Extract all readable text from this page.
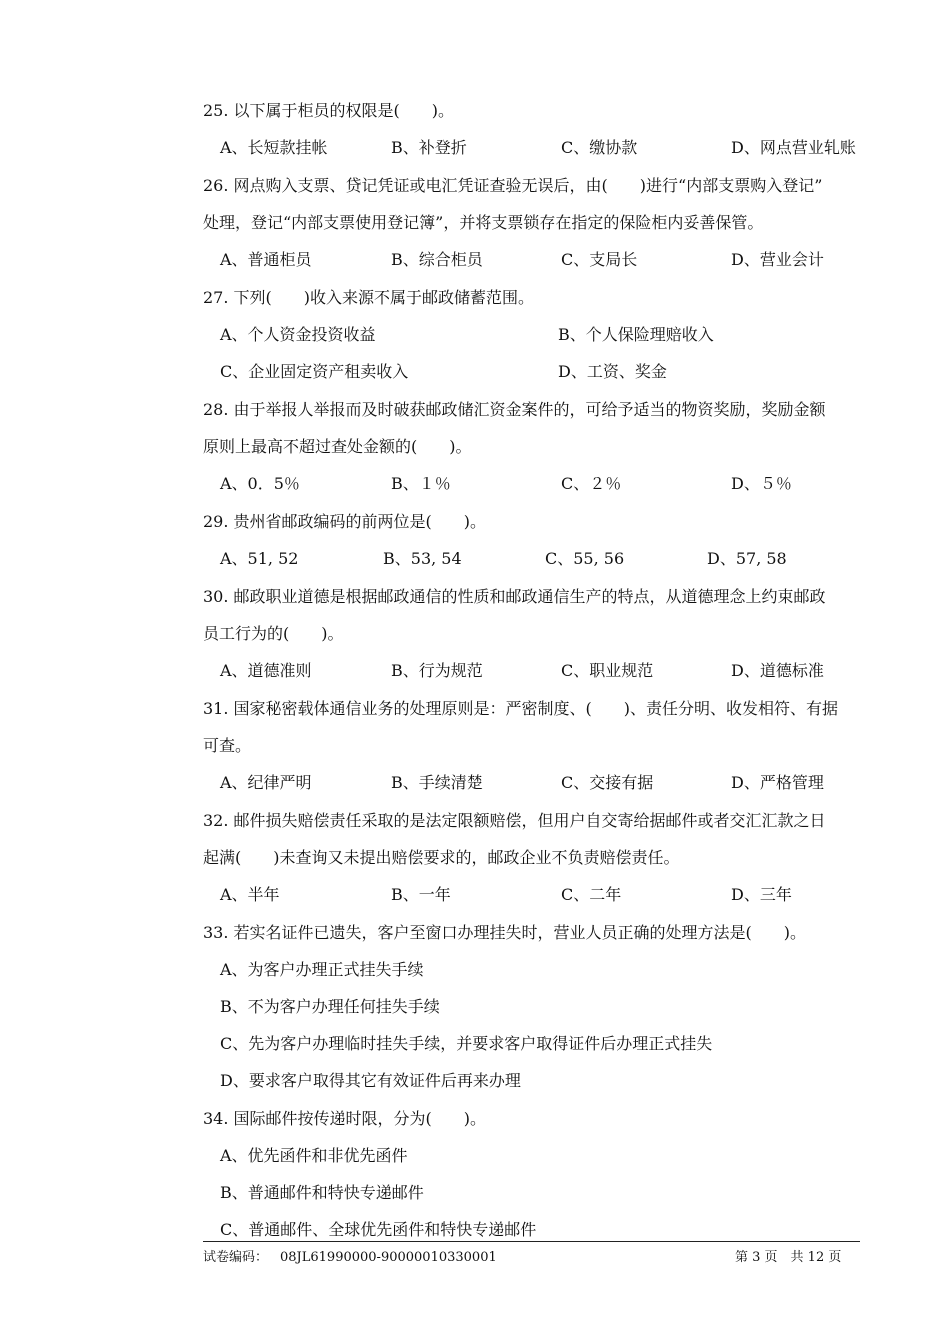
25. 以下属于柜员的权限是(　　)。
A、长短款挂帐	B、补登折	C、缴协款	D、网点营业轧账
26. 网点购入支票、贷记凭证或电汇凭证查验无误后，由(　　)进行“内部支票购入登记”
处理，登记“内部支票使用登记簿”，并将支票锁存在指定的保险柜内妥善保管。
A、普通柜员	B、综合柜员	C、支局长	D、营业会计
27. 下列(　　)收入来源不属于邮政储蓄范围。
A、个人资金投资收益	B、个人保险理赔收入
C、企业固定资产租卖收入	D、工资、奖金
28. 由于举报人举报而及时破获邮政储汇资金案件的，可给予适当的物资奖励，奖励金额
原则上最高不超过查处金额的(　　)。
A、0．5％	B、１％	C、２％	D、５％
29. 贵州省邮政编码的前两位是(　　)。
A、51, 52	B、53, 54	C、55, 56	D、57, 58
30. 邮政职业道德是根据邮政通信的性质和邮政通信生产的特点，从道德理念上约束邮政
员工行为的(　　)。
A、道德准则	B、行为规范	C、职业规范	D、道德标准
31. 国家秘密载体通信业务的处理原则是：严密制度、(　　)、责任分明、收发相符、有据
可查。
A、纪律严明	B、手续清楚	C、交接有据	D、严格管理
32. 邮件损失赔偿责任采取的是法定限额赔偿，但用户自交寄给据邮件或者交汇汇款之日
起满(　　)未查询又未提出赔偿要求的，邮政企业不负责赔偿责任。
A、半年	B、一年	C、二年	D、三年
33. 若实名证件已遗失，客户至窗口办理挂失时，营业人员正确的处理方法是(　　)。
A、为客户办理正式挂失手续
B、不为客户办理任何挂失手续
C、先为客户办理临时挂失手续，并要求客户取得证件后办理正式挂失
D、要求客户取得其它有效证件后再来办理
34. 国际邮件按传递时限，分为(　　)。
A、优先函件和非优先函件
B、普通邮件和特快专递邮件
C、普通邮件、全球优先函件和特快专递邮件
试卷编码： 08JL61990000-90000010330001	第 3 页　共 12 页
